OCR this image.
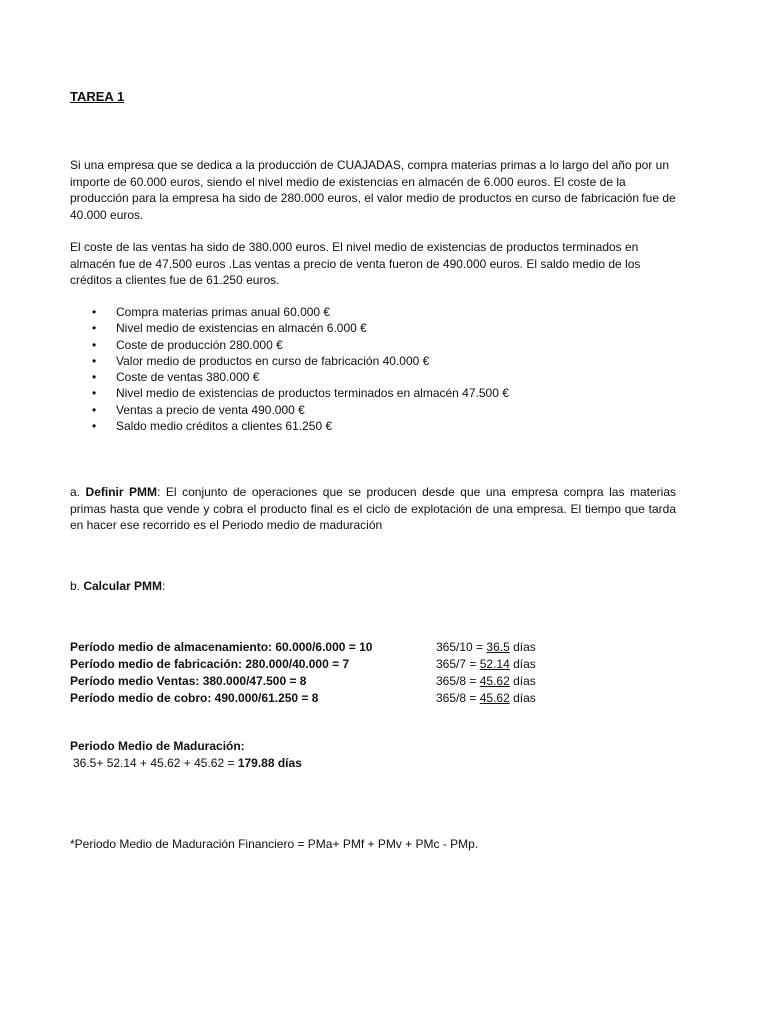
TAREA 1

Si una empresa que se dedica a la producción de CUAJADAS, compra materias primas a lo largo del año por un importe de 60.000 euros, siendo el nivel medio de existencias en almacén de 6.000 euros. El coste de la producción para la empresa ha sido de 280.000 euros, el valor medio de productos en curso de fabricación fue de 40.000 euros.

El coste de las ventas ha sido de 380.000 euros. El nivel medio de existencias de productos terminados en almacén fue de 47.500 euros .Las ventas a precio de venta fueron de 490.000 euros. El saldo medio de los créditos a clientes fue de 61.250 euros.

• Compra materias primas anual 60.000 €
• Nivel medio de existencias en almacén 6.000 €
• Coste de producción 280.000 €
• Valor medio de productos en curso de fabricación 40.000 €
• Coste de ventas 380.000 €
• Nivel medio de existencias de productos terminados en almacén 47.500 €
• Ventas a precio de venta 490.000 €
• Saldo medio créditos a clientes 61.250 €

a. Definir PMM: El conjunto de operaciones que se producen desde que una empresa compra las materias primas hasta que vende y cobra el producto final es el ciclo de explotación de una empresa. El tiempo que tarda en hacer ese recorrido es el Periodo medio de maduración

b. Calcular PMM:

Período medio de almacenamiento: 60.000/6.000 = 10	365/10 = 36.5 días
Período medio de fabricación: 280.000/40.000 = 7	365/7 = 52.14 días
Período medio Ventas: 380.000/47.500 = 8	365/8 = 45.62 días
Período medio de cobro: 490.000/61.250 = 8	365/8 = 45.62 días
Periodo Medio de Maduración:
36.5+ 52.14 + 45.62 + 45.62 = 179.88 días

*Periodo Medio de Maduración Financiero = PMa+ PMf + PMv + PMc - PMp.
